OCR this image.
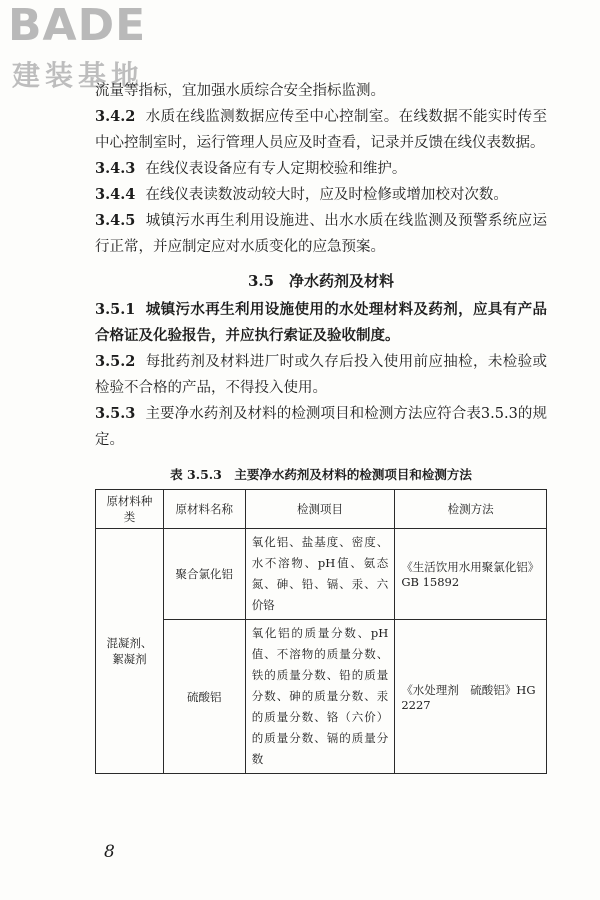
BADE
建装基地

流量等指标，宜加强水质综合安全指标监测。

3.4.2 水质在线监测数据应传至中心控制室。在线数据不能实时传至中心控制室时，运行管理人员应及时查看，记录并反馈在线仪表数据。

3.4.3 在线仪表设备应有专人定期校验和维护。

3.4.4 在线仪表读数波动较大时，应及时检修或增加校对次数。

3.4.5 城镇污水再生利用设施进、出水水质在线监测及预警系统应运行正常，并应制定应对水质变化的应急预案。

3.5　净水药剂及材料

3.5.1 城镇污水再生利用设施使用的水处理材料及药剂，应具有产品合格证及化验报告，并应执行索证及验收制度。

3.5.2 每批药剂及材料进厂时或久存后投入使用前应抽检，未检验或检验不合格的产品，不得投入使用。

3.5.3 主要净水药剂及材料的检测项目和检测方法应符合表3.5.3的规定。

表 3.5.3　主要净水药剂及材料的检测项目和检测方法
原材料种类	原材料名称	检测项目	检测方法
混凝剂、絮凝剂	聚合氯化铝	氧化铝、盐基度、密度、水不溶物、pH值、氨态氮、砷、铅、镉、汞、六价铬	《生活饮用水用聚氯化铝》GB 15892
	硫酸铝	氧化铝的质量分数、pH值、不溶物的质量分数、铁的质量分数、铅的质量分数、砷的质量分数、汞的质量分数、铬（六价）的质量分数、镉的质量分数	《水处理剂　硫酸铝》HG 2227
8
